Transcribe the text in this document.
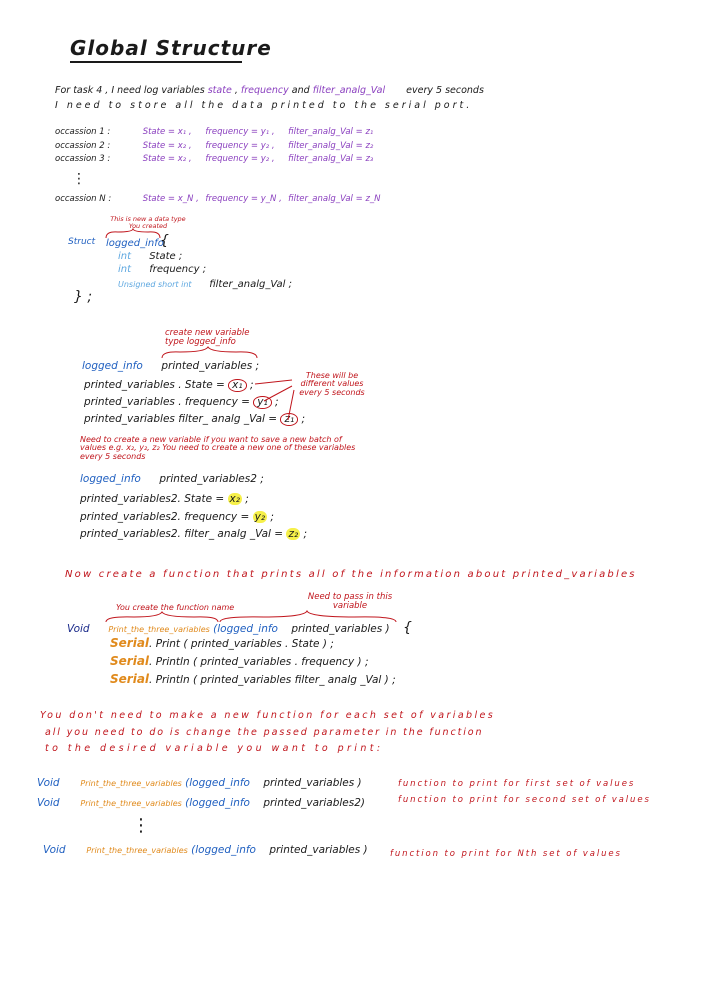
Global Structure
For task 4 , I need log variables state , frequency and filter_analg_Val every 5 seconds
I need to store all the data printed to the serial port.
occassion 1 :	State = x₁ , frequency = y₁ , filter_analg_Val = z₁
occassion 2 :	State = x₂ , frequency = y₂ , filter_analg_Val = z₂
occassion 3 :	State = x₂ , frequency = y₂ , filter_analg_Val = z₃
⋮
occassion N :	State = x_N , frequency = y_N , filter_analg_Val = z_N
This is new a data type You created
Struct logged_info
{
int State ;
int frequency ;
Unsigned short int filter_analg_Val ;
} ;
create new variable type logged_info
logged_info printed_variables ;
printed_variables . State = x₁ ;
printed_variables . frequency = y₁ ;
printed_variables filter_ analg _Val = z₁ ;
These will be different values every 5 seconds
Need to create a new variable if you want to save a new batch of values e.g. x₂, y₂, z₂ You need to create a new one of these variables every 5 seconds
logged_info printed_variables2 ;
printed_variables2. State = x₂ ;
printed_variables2. frequency = y₂ ;
printed_variables2. filter_ analg _Val = z₂ ;
Now create a function that prints all of the information about printed_variables
Need to pass in this variable
You create the function name
Void Print_the_three_variables (logged_info printed_variables ) {
Serial. Print ( printed_variables . State ) ;
Serial. Println ( printed_variables . frequency ) ;
Serial. Println ( printed_variables filter_ analg _Val ) ;
You don't need to make a new function for each set of variables
all you need to do is change the passed parameter in the function
to the desired variable you want to print:
Void	Print_the_three_variables (logged_info printed_variables )	function to print for first set of values
Void	Print_the_three_variables (logged_info printed_variables2)	function to print for second set of values
⋮
Void	Print_the_three_variables (logged_info printed_variables )	function to print for Nth set of values
